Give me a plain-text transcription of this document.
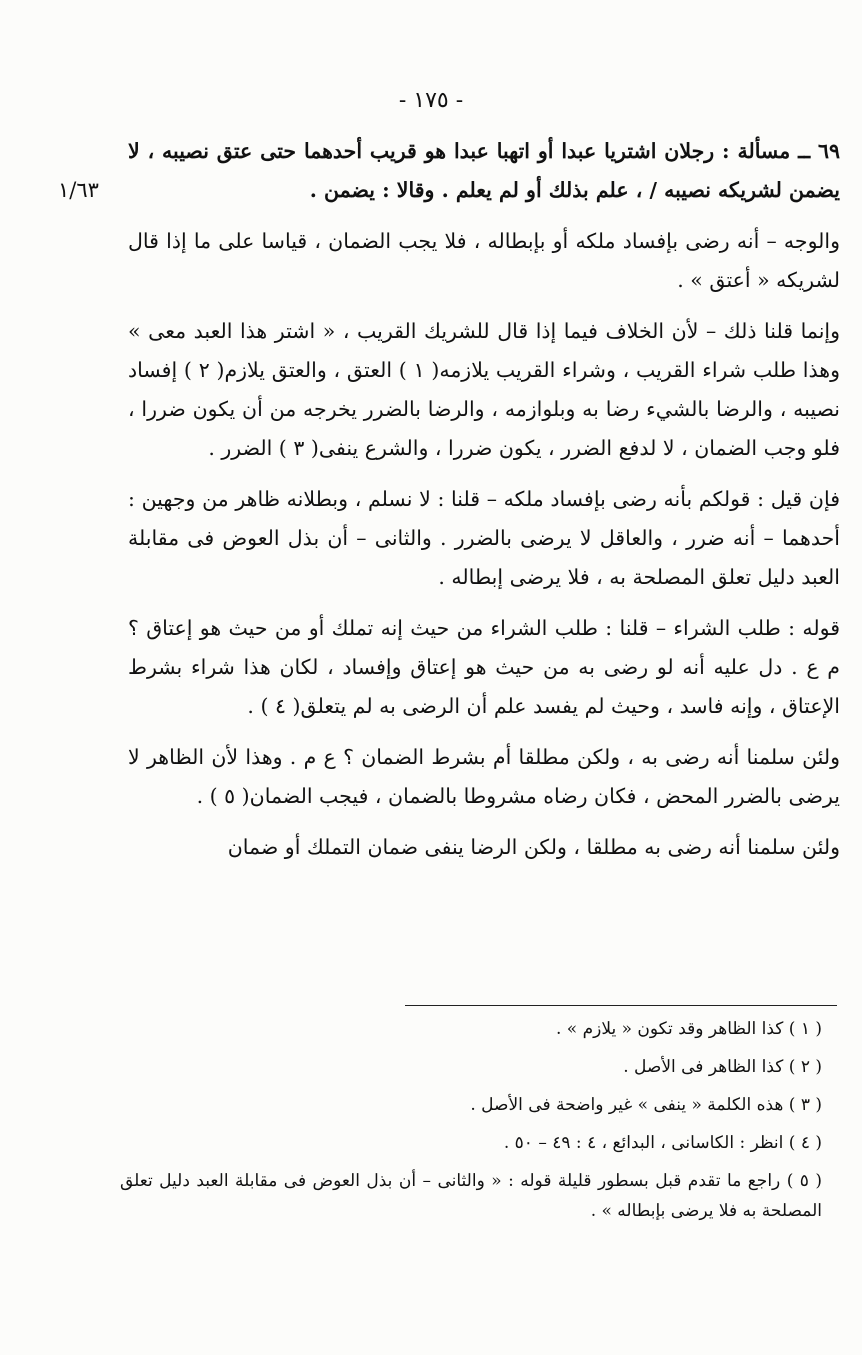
- ١٧٥ -
١/٦٣

٦٩ ــ مسألة : رجلان اشتريا عبدا أو اتهبا عبدا هو قريب أحدهما حتى عتق نصيبه ، لا يضمن لشريكه نصيبه / ، علم بذلك أو لم يعلم . وقالا : يضمن .

والوجه – أنه رضى بإفساد ملكه أو بإبطاله ، فلا يجب الضمان ، قياسا على ما إذا قال لشريكه « أعتق » .

وإنما قلنا ذلك – لأن الخلاف فيما إذا قال للشريك القريب ، « اشتر هذا العبد معى » وهذا طلب شراء القريب ، وشراء القريب يلازمه( ١ ) العتق ، والعتق يلازم( ٢ ) إفساد نصيبه ، والرضا بالشيء رضا به وبلوازمه ، والرضا بالضرر يخرجه من أن يكون ضررا ، فلو وجب الضمان ، لا لدفع الضرر ، يكون ضررا ، والشرع ينفى( ٣ ) الضرر .

فإن قيل : قولكم بأنه رضى بإفساد ملكه – قلنا : لا نسلم ، وبطلانه ظاهر من وجهين : أحدهما – أنه ضرر ، والعاقل لا يرضى بالضرر . والثانى – أن بذل العوض فى مقابلة العبد دليل تعلق المصلحة به ، فلا يرضى إبطاله .

قوله : طلب الشراء – قلنا : طلب الشراء من حيث إنه تملك أو من حيث هو إعتاق ؟ م ع . دل عليه أنه لو رضى به من حيث هو إعتاق وإفساد ، لكان هذا شراء بشرط الإعتاق ، وإنه فاسد ، وحيث لم يفسد علم أن الرضى به لم يتعلق( ٤ ) .

ولئن سلمنا أنه رضى به ، ولكن مطلقا أم بشرط الضمان ؟ ع م . وهذا لأن الظاهر لا يرضى بالضرر المحض ، فكان رضاه مشروطا بالضمان ، فيجب الضمان( ٥ ) .

ولئن سلمنا أنه رضى به مطلقا ، ولكن الرضا ينفى ضمان التملك أو ضمان

( ١ ) كذا الظاهر وقد تكون « يلازم » .

( ٢ ) كذا الظاهر فى الأصل .

( ٣ ) هذه الكلمة « ينفى » غير واضحة فى الأصل .

( ٤ ) انظر : الكاسانى ، البدائع ، ٤ : ٤٩ – ٥٠ .

( ٥ ) راجع ما تقدم قبل بسطور قليلة قوله : « والثانى – أن بذل العوض فى مقابلة العبد دليل تعلق المصلحة به فلا يرضى بإبطاله » .
